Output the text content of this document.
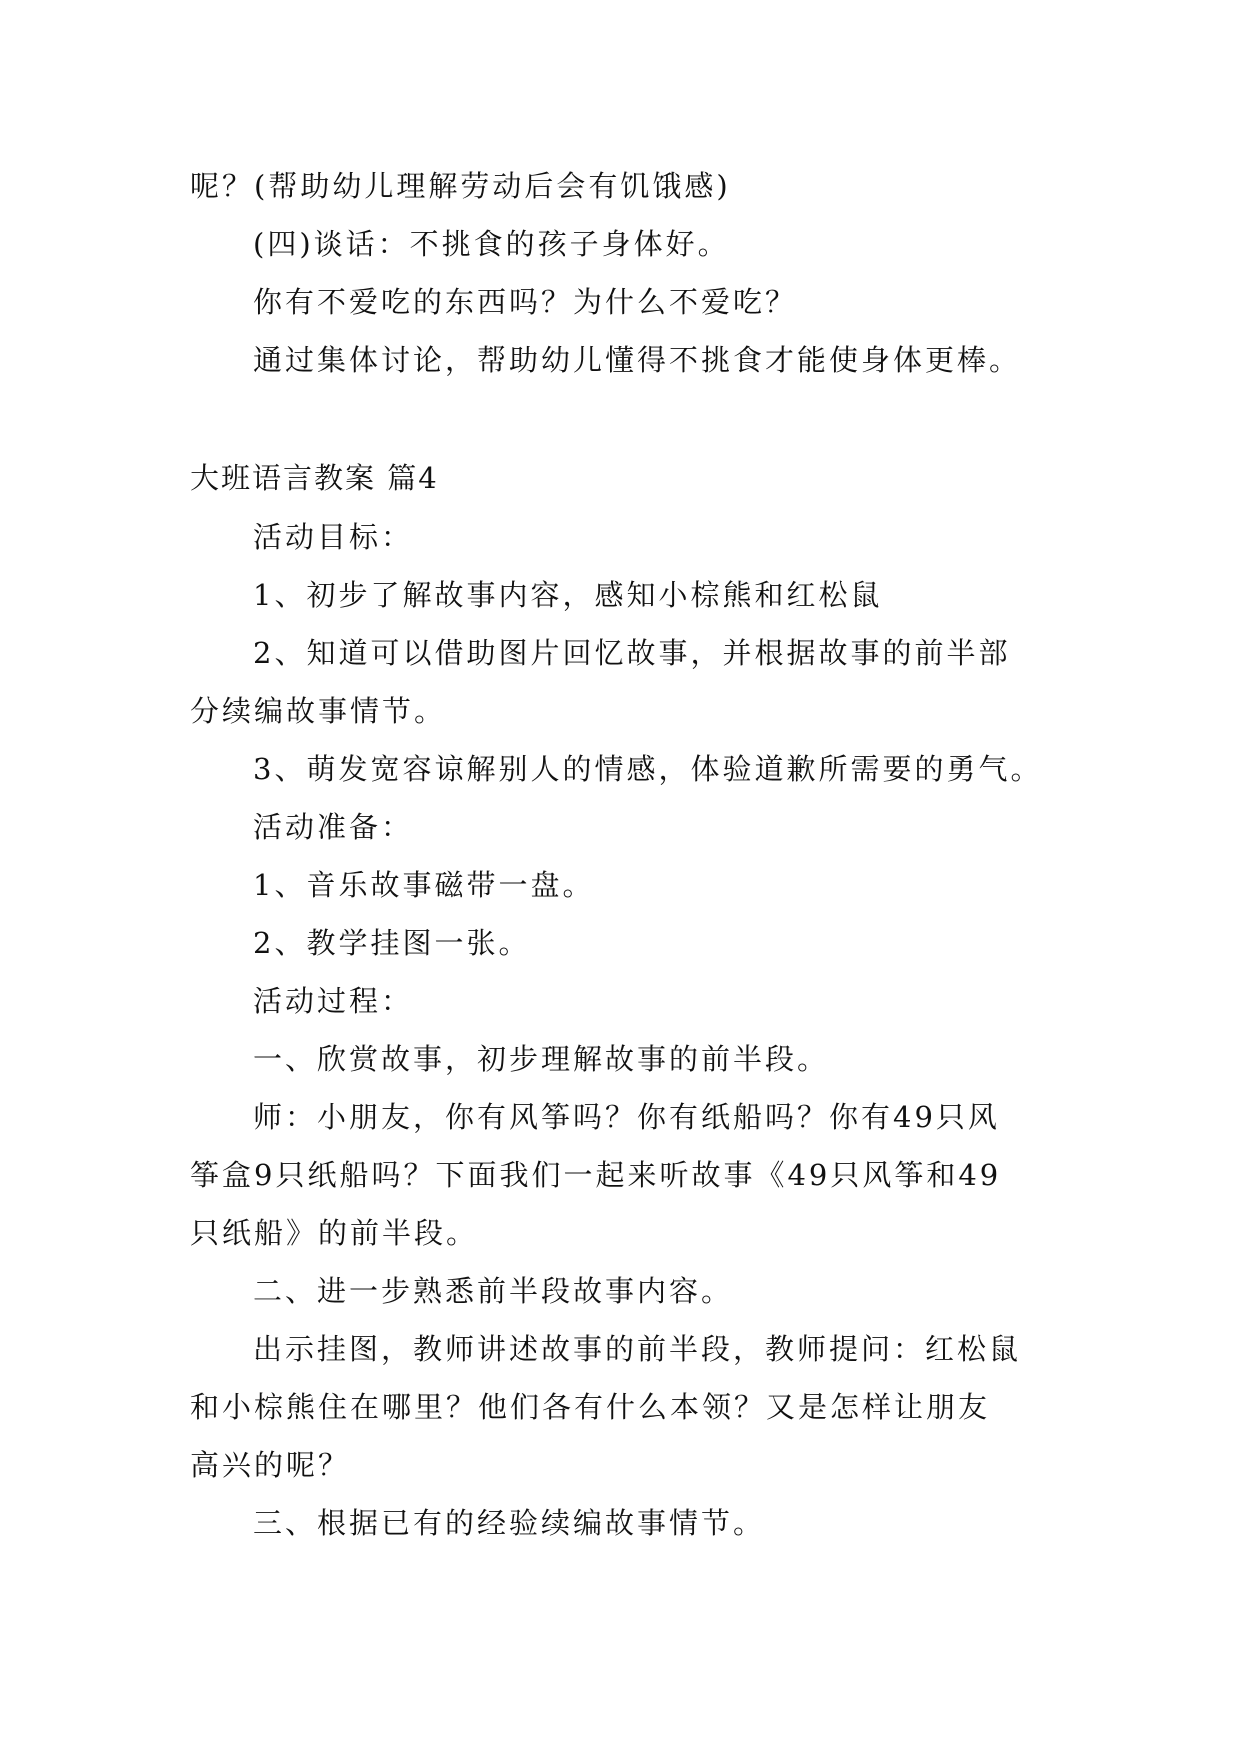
呢？(帮助幼儿理解劳动后会有饥饿感)
(四)谈话：不挑食的孩子身体好。
你有不爱吃的东西吗？为什么不爱吃？
通过集体讨论，帮助幼儿懂得不挑食才能使身体更棒。
大班语言教案 篇4
活动目标：
1、初步了解故事内容，感知小棕熊和红松鼠
2、知道可以借助图片回忆故事，并根据故事的前半部
分续编故事情节。
3、萌发宽容谅解别人的情感，体验道歉所需要的勇气。
活动准备：
1、音乐故事磁带一盘。
2、教学挂图一张。
活动过程：
一、欣赏故事，初步理解故事的前半段。
师：小朋友，你有风筝吗？你有纸船吗？你有49只风
筝盒9只纸船吗？下面我们一起来听故事《49只风筝和49
只纸船》的前半段。
二、进一步熟悉前半段故事内容。
出示挂图，教师讲述故事的前半段，教师提问：红松鼠
和小棕熊住在哪里？他们各有什么本领？又是怎样让朋友
高兴的呢？
三、根据已有的经验续编故事情节。
